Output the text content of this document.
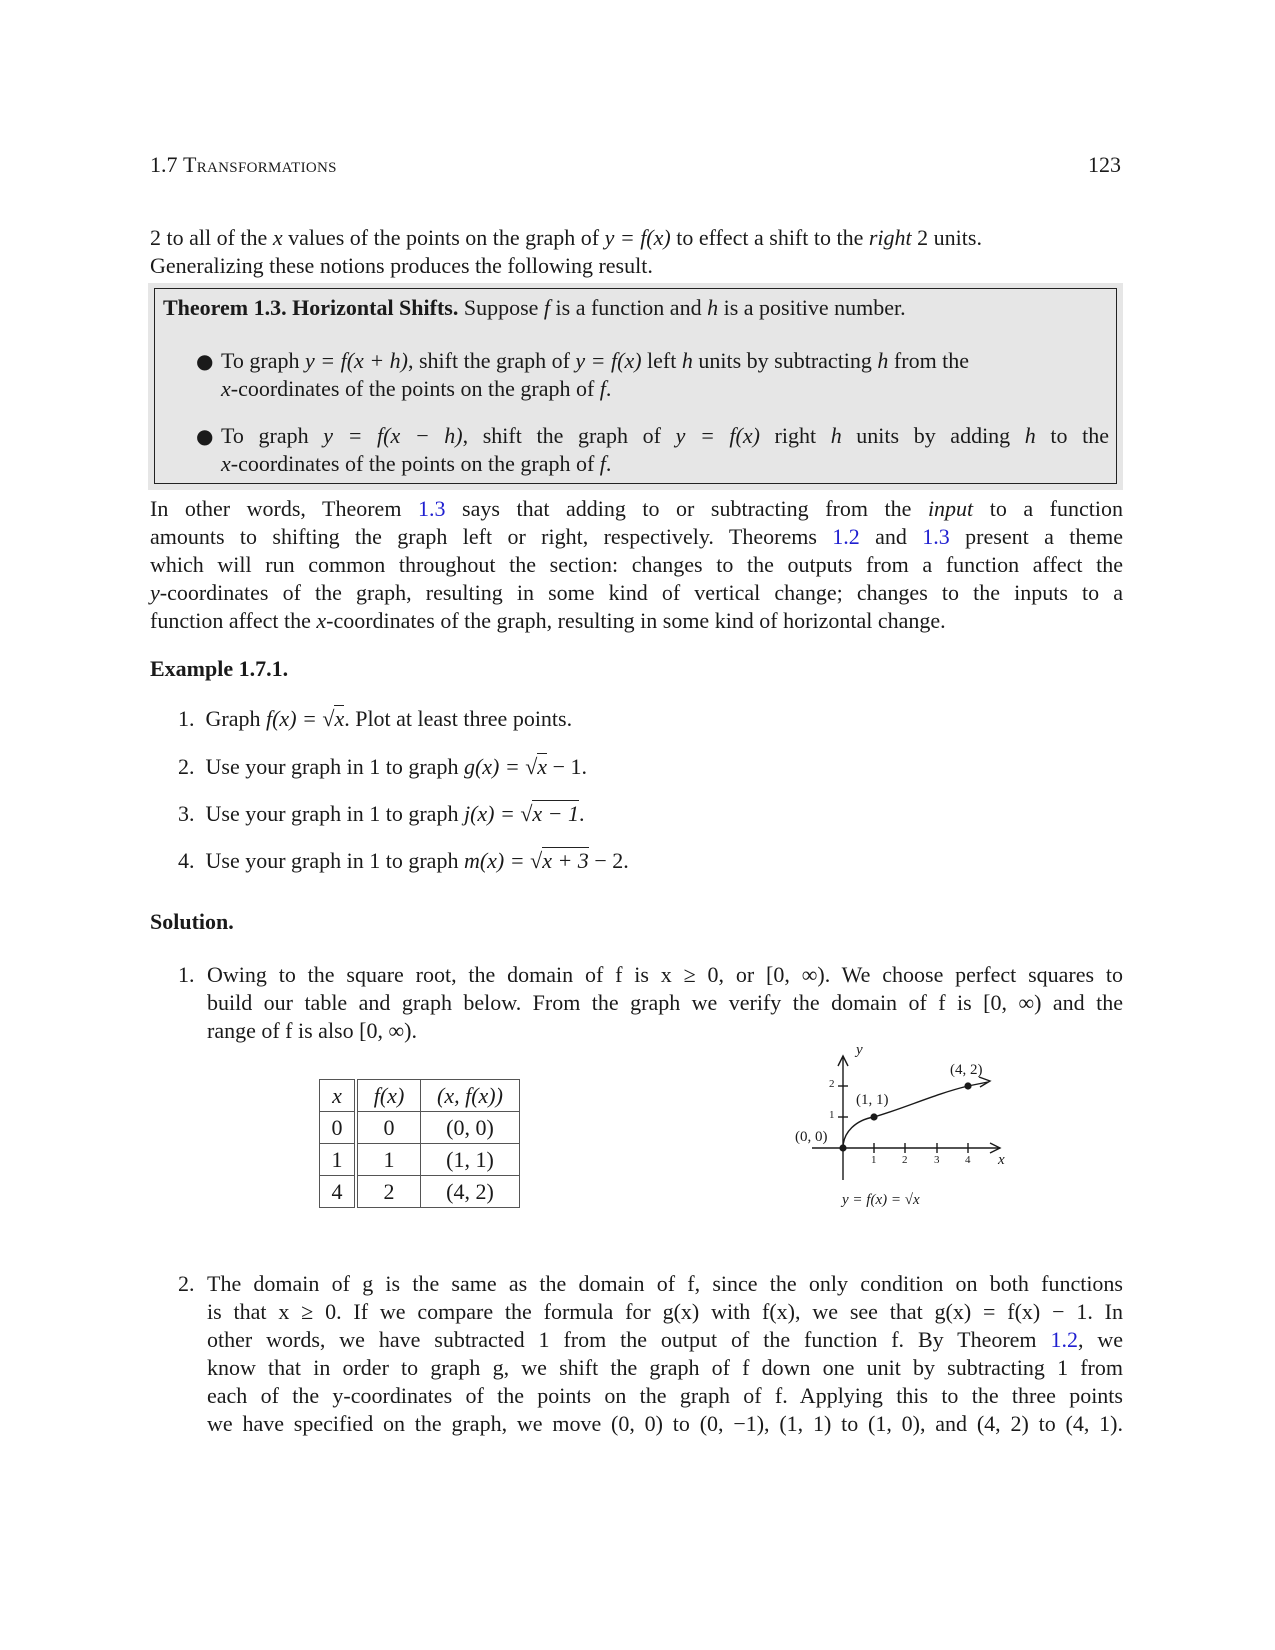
1.7 Transformations	123
2 to all of the x values of the points on the graph of y = f(x) to effect a shift to the right 2 units.
Generalizing these notions produces the following result.
Theorem 1.3. Horizontal Shifts. Suppose f is a function and h is a positive number.
● To graph y = f(x + h), shift the graph of y = f(x) left h units by subtracting h from the
x-coordinates of the points on the graph of f.
● To graph y = f(x − h), shift the graph of y = f(x) right h units by adding h to the
x-coordinates of the points on the graph of f.
In other words, Theorem 1.3 says that adding to or subtracting from the input to a function
amounts to shifting the graph left or right, respectively. Theorems 1.2 and 1.3 present a theme
which will run common throughout the section: changes to the outputs from a function affect the
y-coordinates of the graph, resulting in some kind of vertical change; changes to the inputs to a
function affect the x-coordinates of the graph, resulting in some kind of horizontal change.
Example 1.7.1.
1. Graph f(x) = √x. Plot at least three points.
2. Use your graph in 1 to graph g(x) = √x − 1.
3. Use your graph in 1 to graph j(x) = √x − 1.
4. Use your graph in 1 to graph m(x) = √x + 3 − 2.
Solution.
1. Owing to the square root, the domain of f is x ≥ 0, or [0, ∞). We choose perfect squares to
build our table and graph below. From the graph we verify the domain of f is [0, ∞) and the
range of f is also [0, ∞).
x	f(x)	(x, f(x))
0	0	(0, 0)
1	1	(1, 1)
4	2	(4, 2)
y
x
1 2 3 4
1
2
(0, 0)
(1, 1)
(4, 2)
y = f(x) = √x
2. The domain of g is the same as the domain of f, since the only condition on both functions
is that x ≥ 0. If we compare the formula for g(x) with f(x), we see that g(x) = f(x) − 1. In
other words, we have subtracted 1 from the output of the function f. By Theorem 1.2, we
know that in order to graph g, we shift the graph of f down one unit by subtracting 1 from
each of the y-coordinates of the points on the graph of f. Applying this to the three points
we have specified on the graph, we move (0, 0) to (0, −1), (1, 1) to (1, 0), and (4, 2) to (4, 1).
